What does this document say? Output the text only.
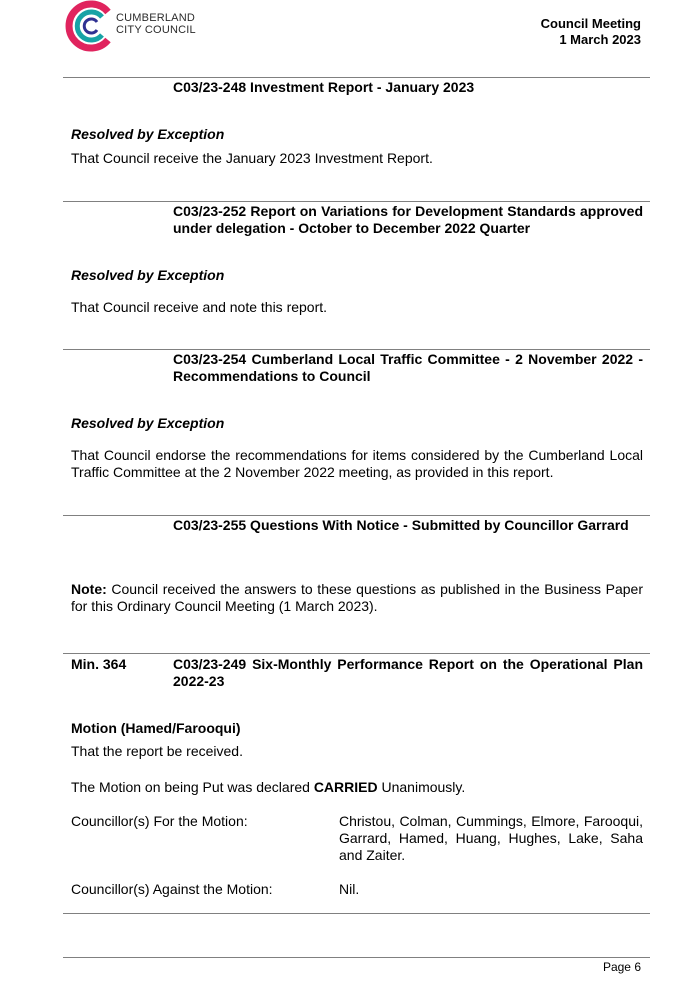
CUMBERLAND
CITY COUNCIL	Council Meeting
1 March 2023
C03/23-248 Investment Report - January 2023
Resolved by Exception
That Council receive the January 2023 Investment Report.
C03/23-252 Report on Variations for Development Standards approved under delegation - October to December 2022 Quarter
Resolved by Exception
That Council receive and note this report.
C03/23-254 Cumberland Local Traffic Committee - 2 November 2022 - Recommendations to Council
Resolved by Exception
That Council endorse the recommendations for items considered by the Cumberland Local Traffic Committee at the 2 November 2022 meeting, as provided in this report.
C03/23-255 Questions With Notice - Submitted by Councillor Garrard
Note: Council received the answers to these questions as published in the Business Paper for this Ordinary Council Meeting (1 March 2023).
Min. 364	C03/23-249 Six-Monthly Performance Report on the Operational Plan 2022-23
Motion (Hamed/Farooqui)
That the report be received.
The Motion on being Put was declared CARRIED Unanimously.
Councillor(s) For the Motion:	Christou, Colman, Cummings, Elmore, Farooqui, Garrard, Hamed, Huang, Hughes, Lake, Saha and Zaiter.
Councillor(s) Against the Motion:	Nil.
Page 6
